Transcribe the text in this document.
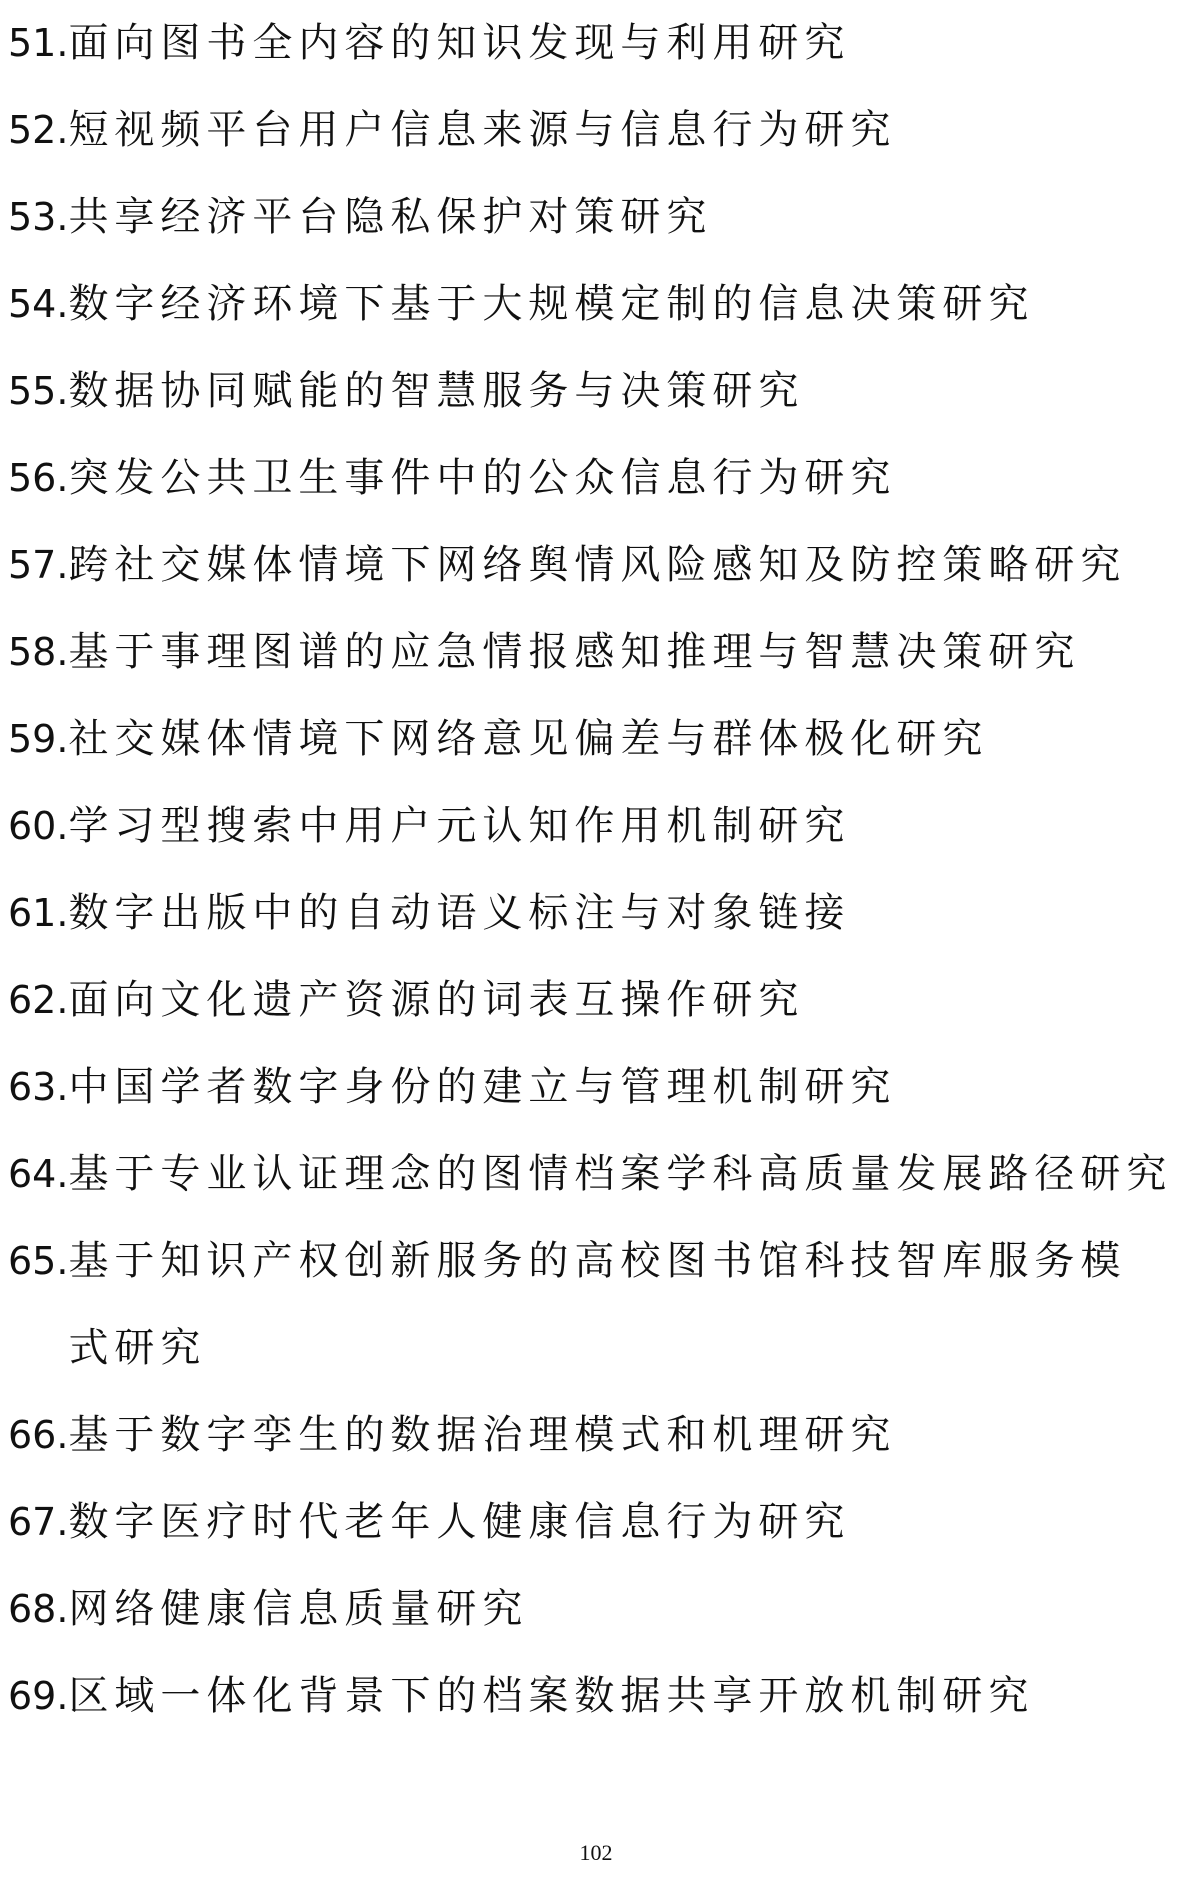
51. 面向图书全内容的知识发现与利用研究
52. 短视频平台用户信息来源与信息行为研究
53. 共享经济平台隐私保护对策研究
54. 数字经济环境下基于大规模定制的信息决策研究
55. 数据协同赋能的智慧服务与决策研究
56. 突发公共卫生事件中的公众信息行为研究
57. 跨社交媒体情境下网络舆情风险感知及防控策略研究
58. 基于事理图谱的应急情报感知推理与智慧决策研究
59. 社交媒体情境下网络意见偏差与群体极化研究
60. 学习型搜索中用户元认知作用机制研究
61. 数字出版中的自动语义标注与对象链接
62. 面向文化遗产资源的词表互操作研究
63. 中国学者数字身份的建立与管理机制研究
64. 基于专业认证理念的图情档案学科高质量发展路径研究
65. 基于知识产权创新服务的高校图书馆科技智库服务模式研究
66. 基于数字孪生的数据治理模式和机理研究
67. 数字医疗时代老年人健康信息行为研究
68. 网络健康信息质量研究
69. 区域一体化背景下的档案数据共享开放机制研究
102
